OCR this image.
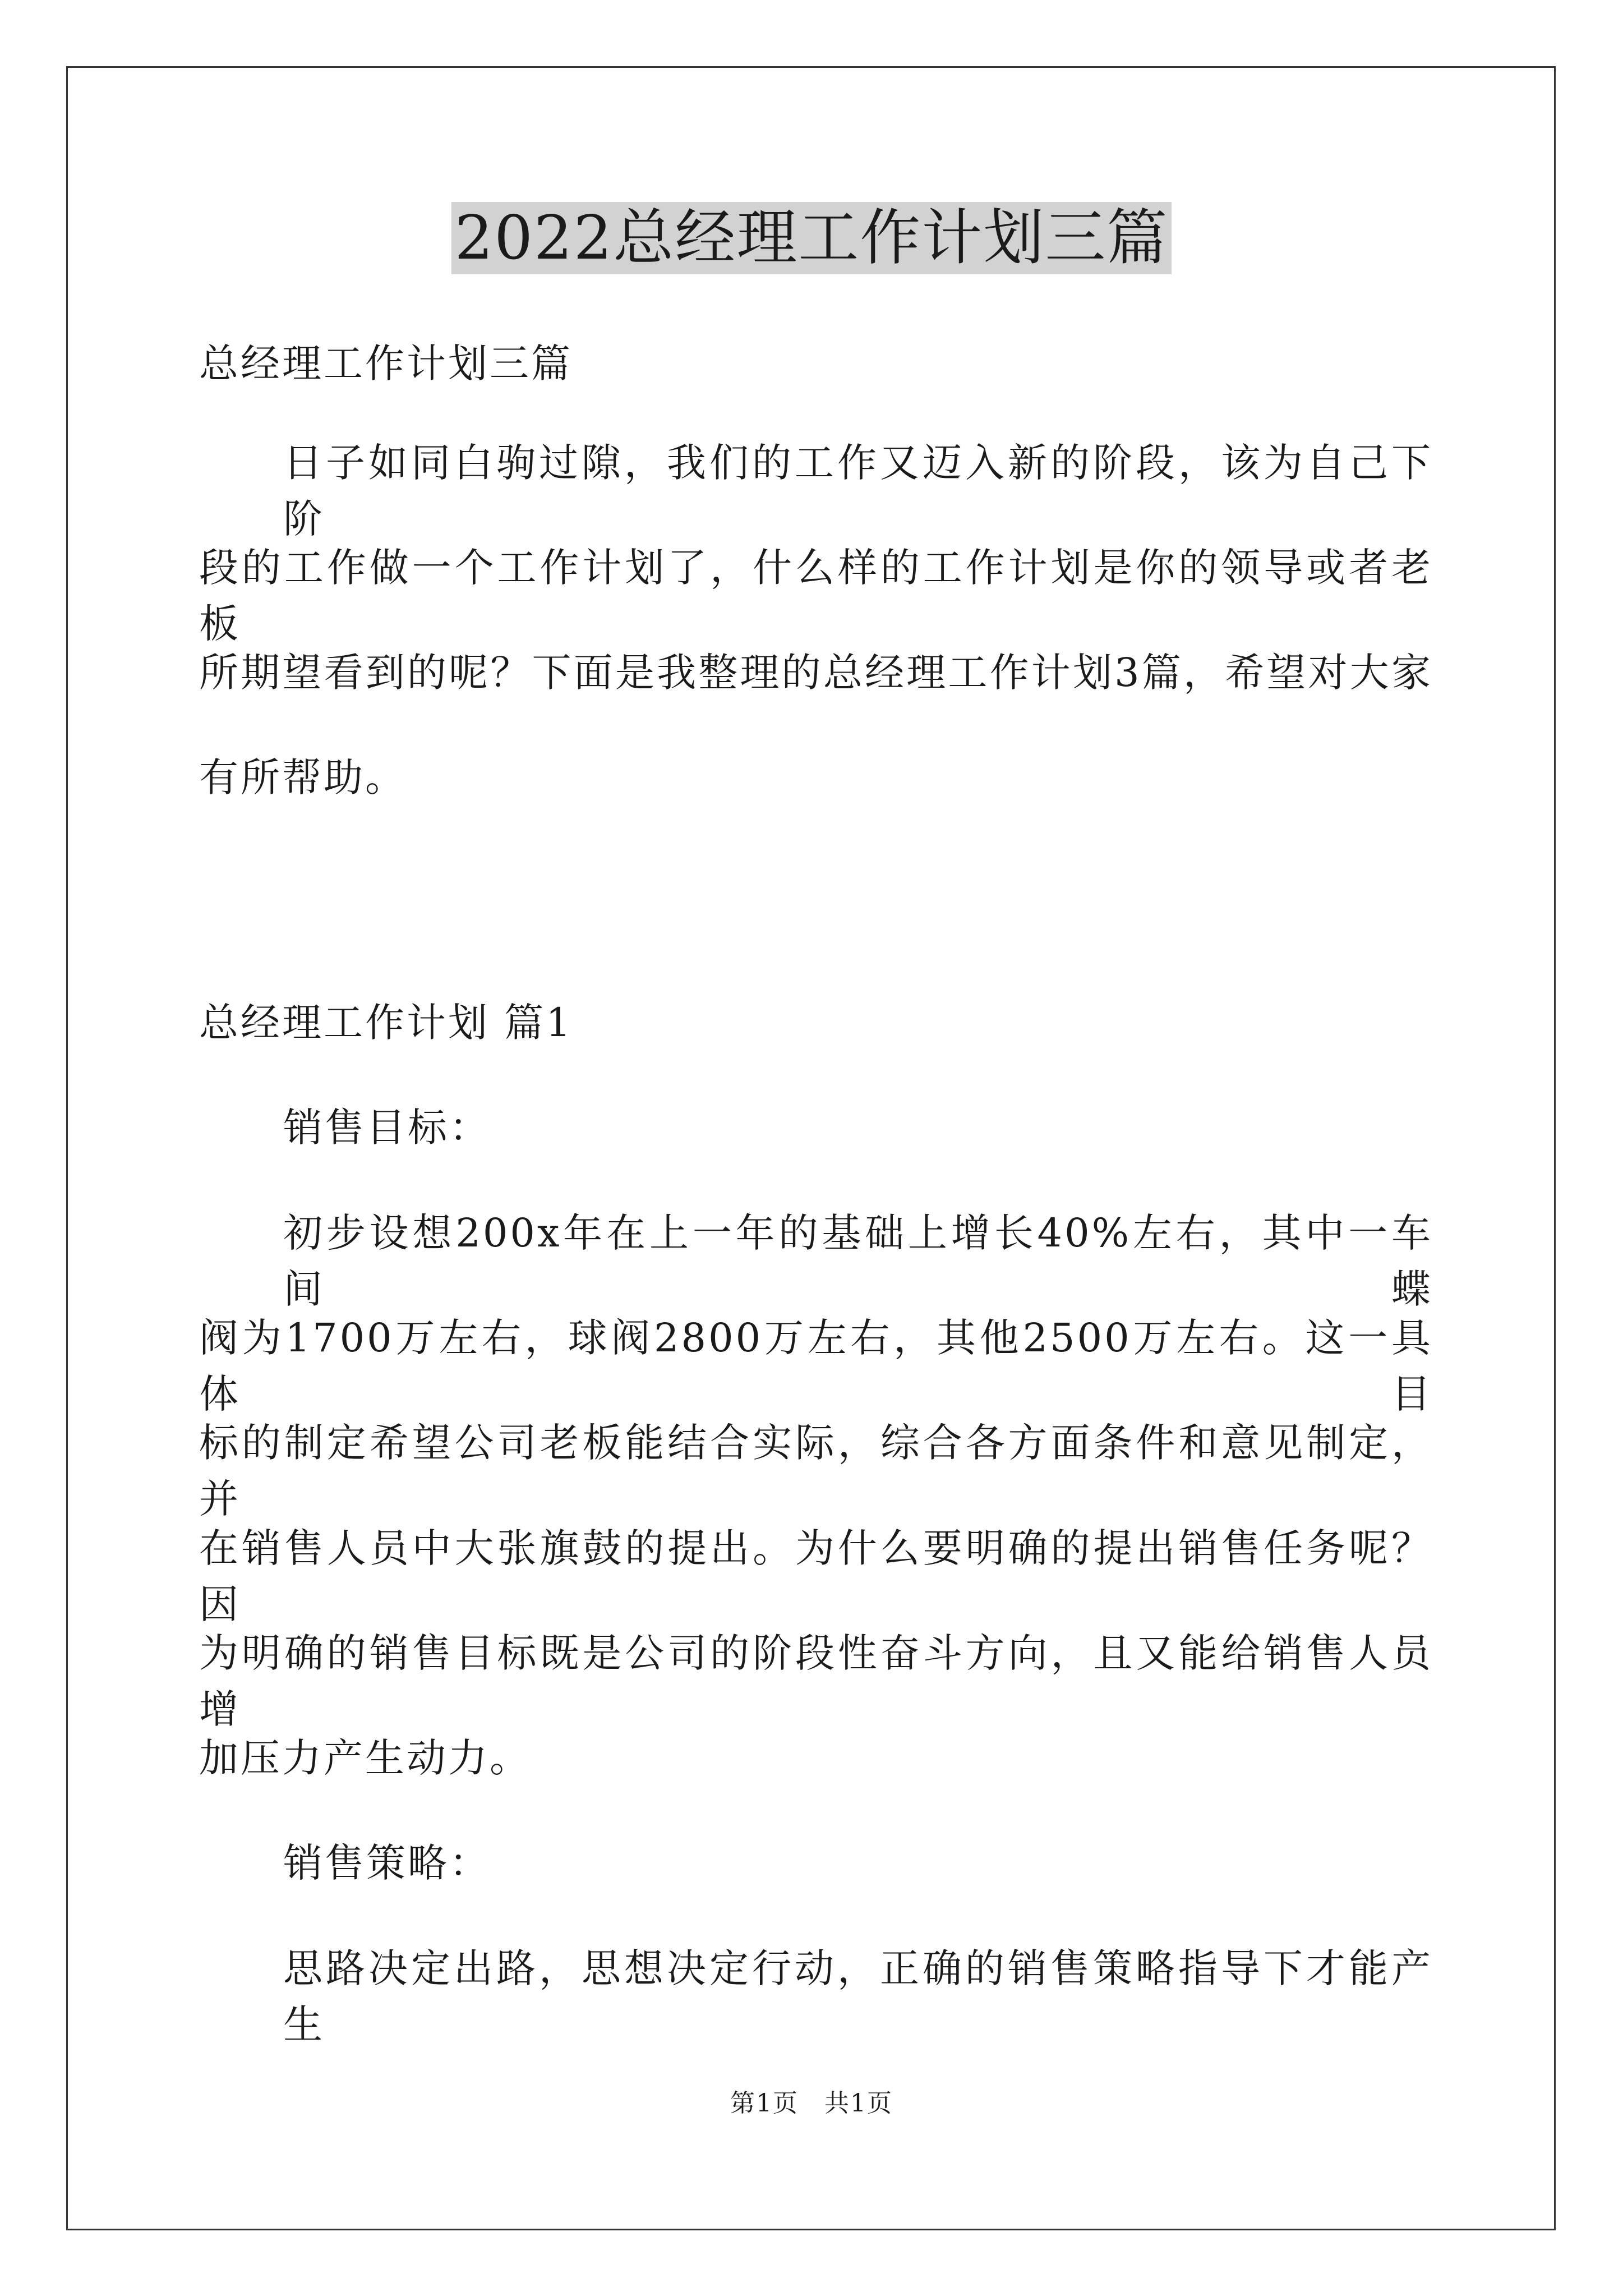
2022总经理工作计划三篇
总经理工作计划三篇
日子如同白驹过隙，我们的工作又迈入新的阶段，该为自己下阶
段的工作做一个工作计划了，什么样的工作计划是你的领导或者老板
所期望看到的呢？下面是我整理的总经理工作计划3篇，希望对大家
有所帮助。
总经理工作计划 篇1
销售目标：
初步设想200x年在上一年的基础上增长40%左右，其中一车间蝶
阀为1700万左右，球阀2800万左右，其他2500万左右。这一具体目
标的制定希望公司老板能结合实际，综合各方面条件和意见制定，并
在销售人员中大张旗鼓的提出。为什么要明确的提出销售任务呢？因
为明确的销售目标既是公司的阶段性奋斗方向，且又能给销售人员增
加压力产生动力。
销售策略：
思路决定出路，思想决定行动，正确的销售策略指导下才能产生
第1页　共1页
